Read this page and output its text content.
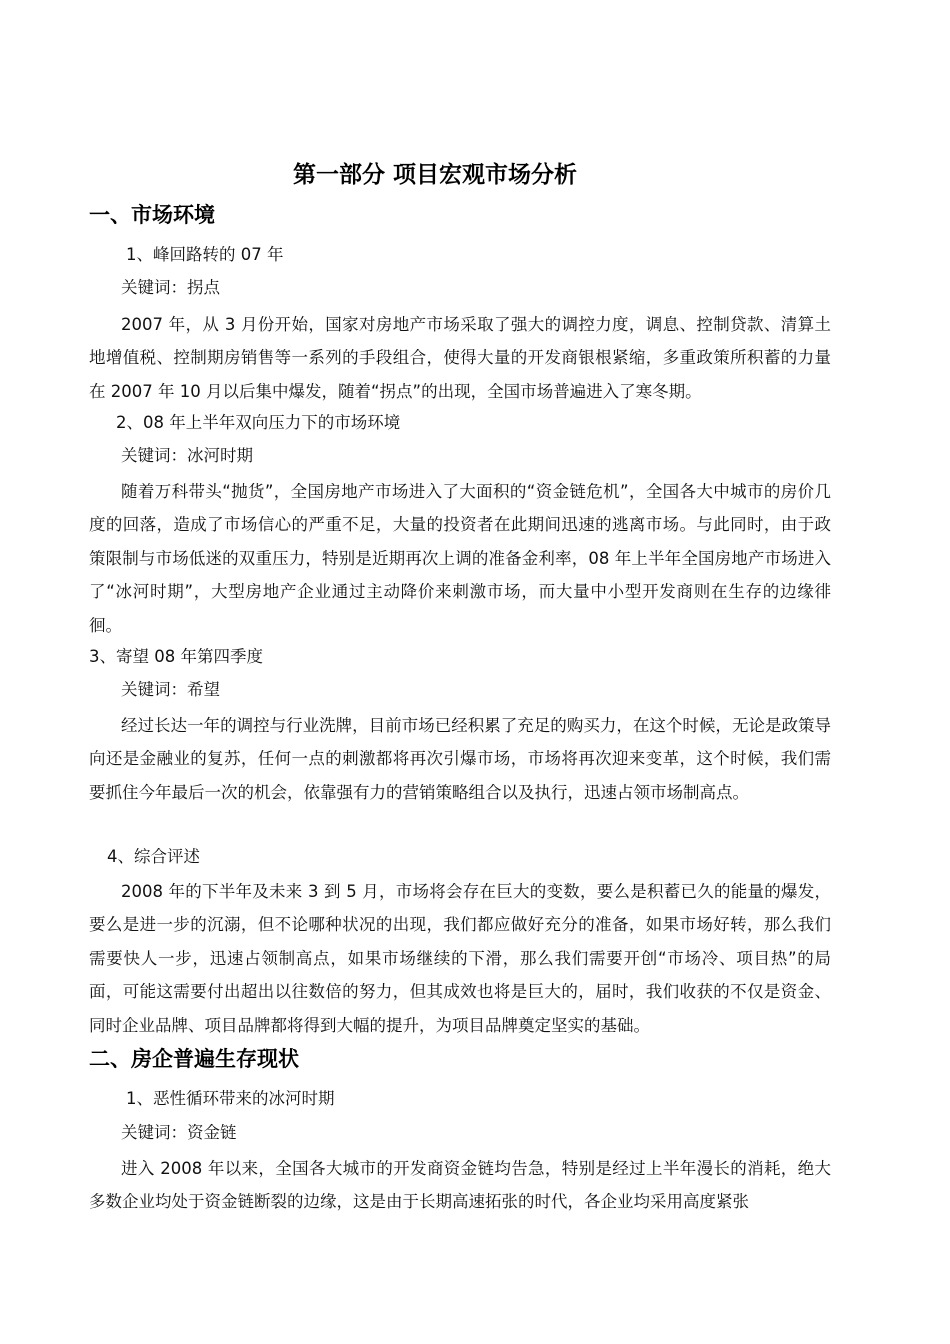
第一部分 项目宏观市场分析
一、市场环境
1、峰回路转的 07 年
关键词：拐点
2007 年，从 3 月份开始，国家对房地产市场采取了强大的调控力度，调息、控制贷款、清算土地增值税、控制期房销售等一系列的手段组合，使得大量的开发商银根紧缩，多重政策所积蓄的力量在 2007 年 10 月以后集中爆发，随着“拐点”的出现，全国市场普遍进入了寒冬期。
2、08 年上半年双向压力下的市场环境
关键词：冰河时期
随着万科带头“抛货”，全国房地产市场进入了大面积的“资金链危机”，全国各大中城市的房价几度的回落，造成了市场信心的严重不足，大量的投资者在此期间迅速的逃离市场。与此同时，由于政策限制与市场低迷的双重压力，特别是近期再次上调的准备金利率，08 年上半年全国房地产市场进入了“冰河时期”，大型房地产企业通过主动降价来刺激市场，而大量中小型开发商则在生存的边缘徘徊。
3、寄望 08 年第四季度
关键词：希望
经过长达一年的调控与行业洗牌，目前市场已经积累了充足的购买力，在这个时候，无论是政策导向还是金融业的复苏，任何一点的刺激都将再次引爆市场，市场将再次迎来变革，这个时候，我们需要抓住今年最后一次的机会，依靠强有力的营销策略组合以及执行，迅速占领市场制高点。
4、综合评述
2008 年的下半年及未来 3 到 5 月，市场将会存在巨大的变数，要么是积蓄已久的能量的爆发，要么是进一步的沉溺，但不论哪种状况的出现，我们都应做好充分的准备，如果市场好转，那么我们需要快人一步，迅速占领制高点，如果市场继续的下滑，那么我们需要开创“市场冷、项目热”的局面，可能这需要付出超出以往数倍的努力，但其成效也将是巨大的，届时，我们收获的不仅是资金、同时企业品牌、项目品牌都将得到大幅的提升，为项目品牌奠定坚实的基础。
二、房企普遍生存现状
1、恶性循环带来的冰河时期
关键词：资金链
进入 2008 年以来，全国各大城市的开发商资金链均告急，特别是经过上半年漫长的消耗，绝大多数企业均处于资金链断裂的边缘，这是由于长期高速拓张的时代，各企业均采用高度紧张
